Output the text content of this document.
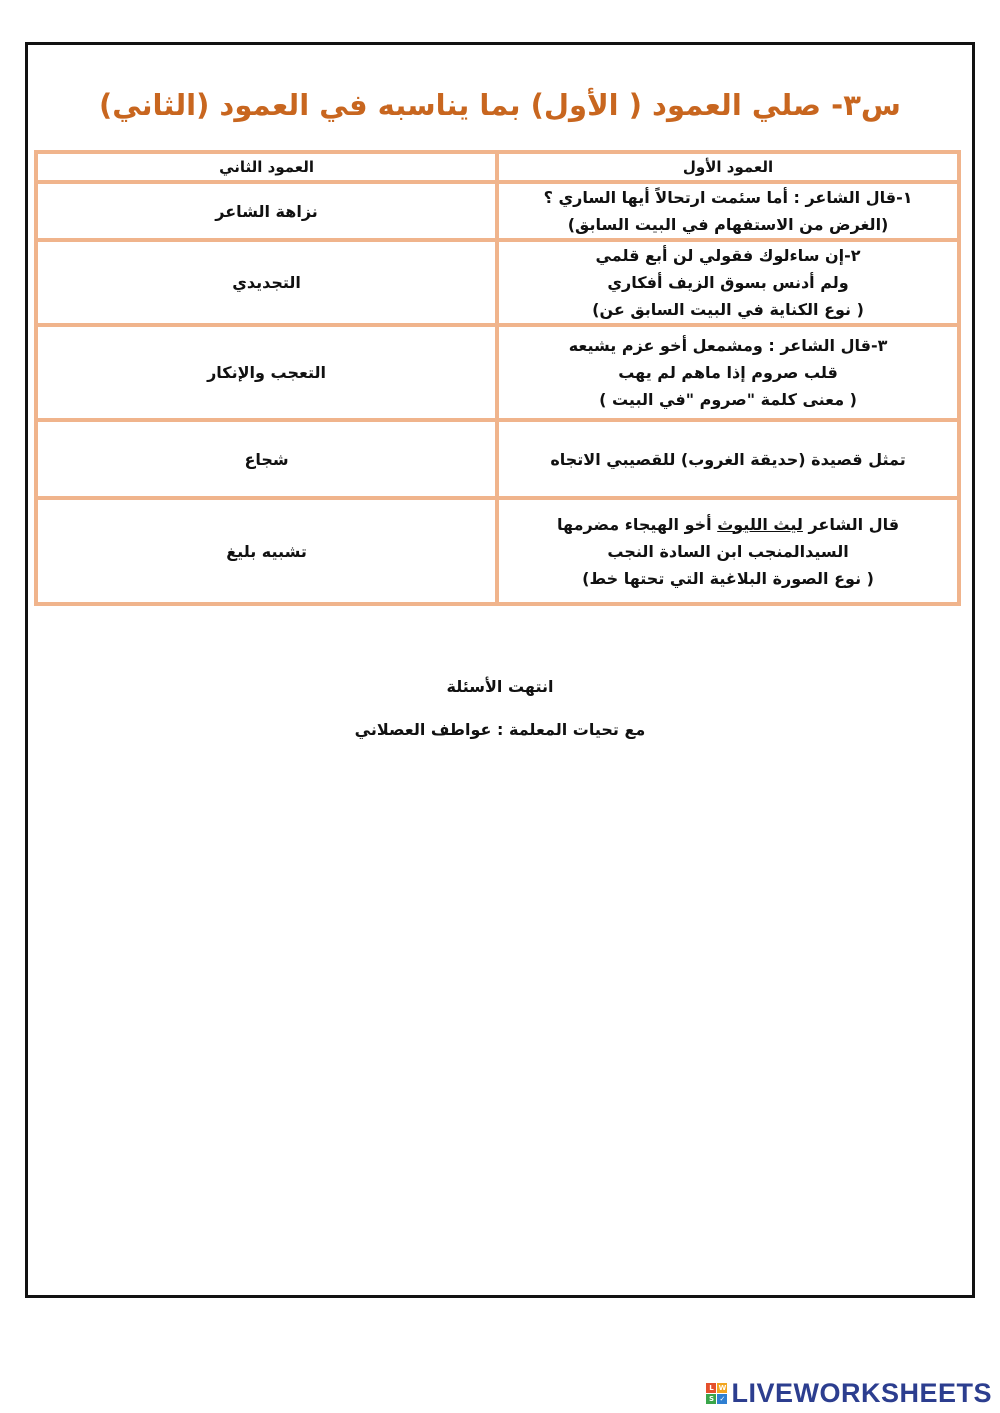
س٣- صلي العمود ( الأول) بما يناسبه في العمود (الثاني)
العمود الأول	العمود الثاني

١-قال الشاعر : أما سئمت ارتحالاً أيها الساري ؟
(الغرض من الاستفهام في البيت السابق)	نزاهة الشاعر

٢-إن ساءلوك فقولي لن أبع قلمي
ولم أدنس بسوق الزيف أفكاري
( نوع الكناية في البيت السابق عن)	التجديدي

٣-قال الشاعر : ومشمعل أخو عزم يشيعه
قلب صروم إذا ماهم لم يهب
( معنى كلمة "صروم "في البيت )	التعجب والإنكار

تمثل قصيدة (حديقة الغروب) للقصيبي الاتجاه	شجاع

قال الشاعر ليث الليوث أخو الهيجاء مضرمها
السيدالمنجب ابن السادة النجب
( نوع الصورة البلاغية التي تحتها خط)	تشبيه بليغ
انتهت الأسئلة
مع تحيات المعلمة : عواطف العصلاني
L W
S ✓ LIVEWORKSHEETS
